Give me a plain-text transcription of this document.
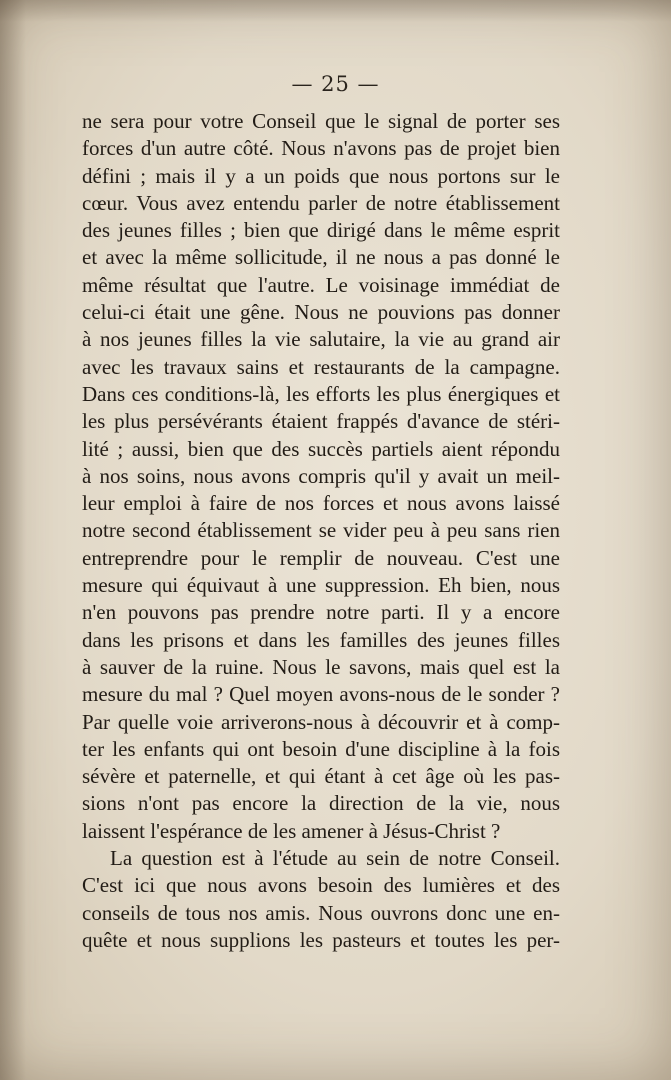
— 25 —
ne sera pour votre Conseil que le signal de porter ses
forces d'un autre côté. Nous n'avons pas de projet bien
défini ; mais il y a un poids que nous portons sur le
cœur. Vous avez entendu parler de notre établissement
des jeunes filles ; bien que dirigé dans le même esprit
et avec la même sollicitude, il ne nous a pas donné le
même résultat que l'autre. Le voisinage immédiat de
celui-ci était une gêne. Nous ne pouvions pas donner
à nos jeunes filles la vie salutaire, la vie au grand air
avec les travaux sains et restaurants de la campagne.
Dans ces conditions-là, les efforts les plus énergiques et
les plus persévérants étaient frappés d'avance de stéri-
lité ; aussi, bien que des succès partiels aient répondu
à nos soins, nous avons compris qu'il y avait un meil-
leur emploi à faire de nos forces et nous avons laissé
notre second établissement se vider peu à peu sans rien
entreprendre pour le remplir de nouveau. C'est une
mesure qui équivaut à une suppression. Eh bien, nous
n'en pouvons pas prendre notre parti. Il y a encore
dans les prisons et dans les familles des jeunes filles
à sauver de la ruine. Nous le savons, mais quel est la
mesure du mal ? Quel moyen avons-nous de le sonder ?
Par quelle voie arriverons-nous à découvrir et à comp-
ter les enfants qui ont besoin d'une discipline à la fois
sévère et paternelle, et qui étant à cet âge où les pas-
sions n'ont pas encore la direction de la vie, nous
laissent l'espérance de les amener à Jésus-Christ ?
La question est à l'étude au sein de notre Conseil.
C'est ici que nous avons besoin des lumières et des
conseils de tous nos amis. Nous ouvrons donc une en-
quête et nous supplions les pasteurs et toutes les per-
